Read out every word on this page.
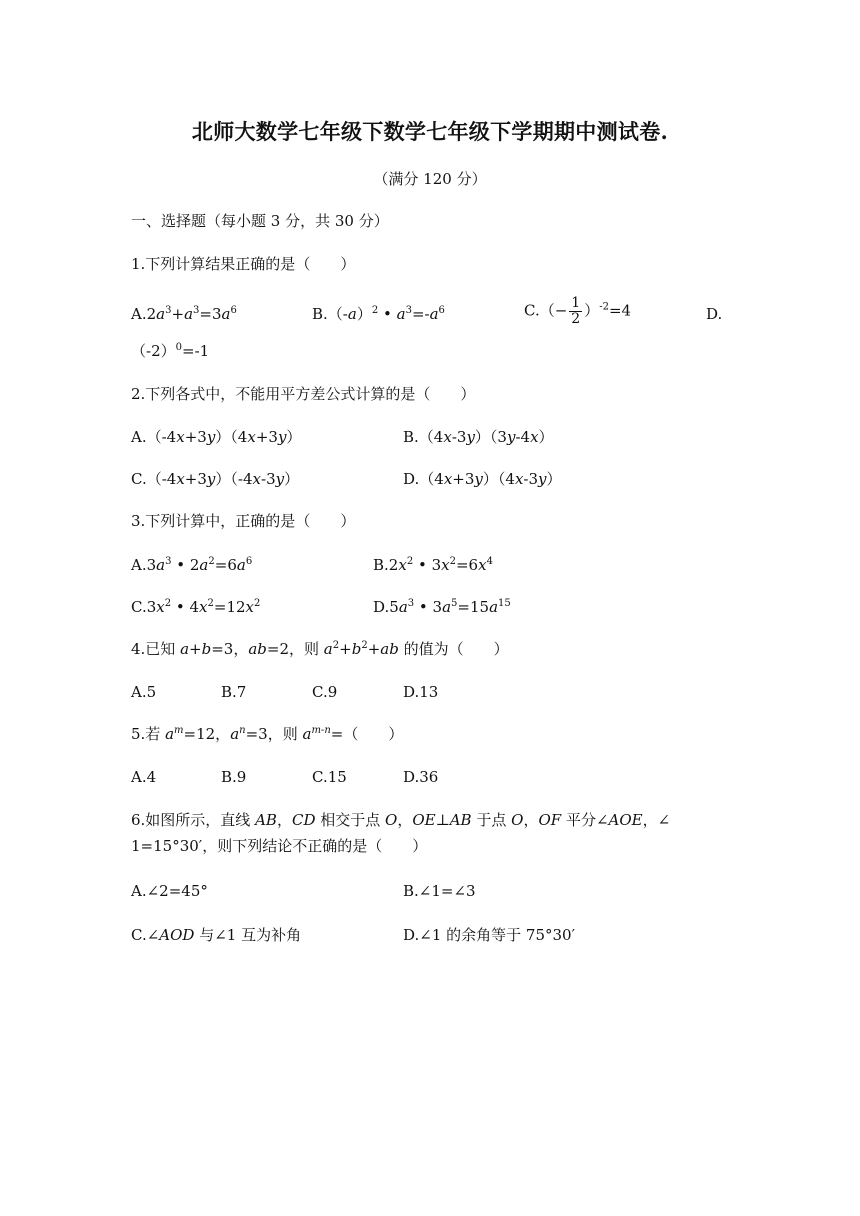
北师大数学七年级下数学七年级下学期期中测试卷.
（满分 120 分）
一、选择题（每小题 3 分，共 30 分）
1.下列计算结果正确的是（　　）
$A.2a^3+a^3=3a^6$	$B.(-a)^2$ • $a^3=-a^6$	$C.(- \frac{1}{2} )^{-2}=4$	D.
$(-2)^0=-1$
2.下列各式中，不能用平方差公式计算的是（　　）
A.（-4x+3y）（4x+3y）	B.（4x-3y）（3y-4x）
C.（-4x+3y）（-4x-3y）	D.（4x+3y）（4x-3y）
3.下列计算中，正确的是（　　）
$A.3a^3$ • $2a^2=6a^6$	$B.2x^2$ • $3x^2=6x^4$
$C.3x^2$ • $4x^2=12x^2$	$D.5a^3$ • $3a^5=15a^{15}$
4.已知 a+b=3，ab=2，则 $a^2+b^2+ab$ 的值为（　　）
A.5	B.7	C.9	D.13
5.若 $a^m=12$，$a^n=3$，则 $a^{m-n}=$（　　）
A.4	B.9	C.15	D.36
6.如图所示，直线 AB，CD 相交于点 O，OE⊥AB 于点 O，OF 平分∠AOE，∠
1=15°30′，则下列结论不正确的是（　　）
A.∠2=45°	B.∠1=∠3
C.∠AOD 与∠1 互为补角	D.∠1 的余角等于 75°30′
